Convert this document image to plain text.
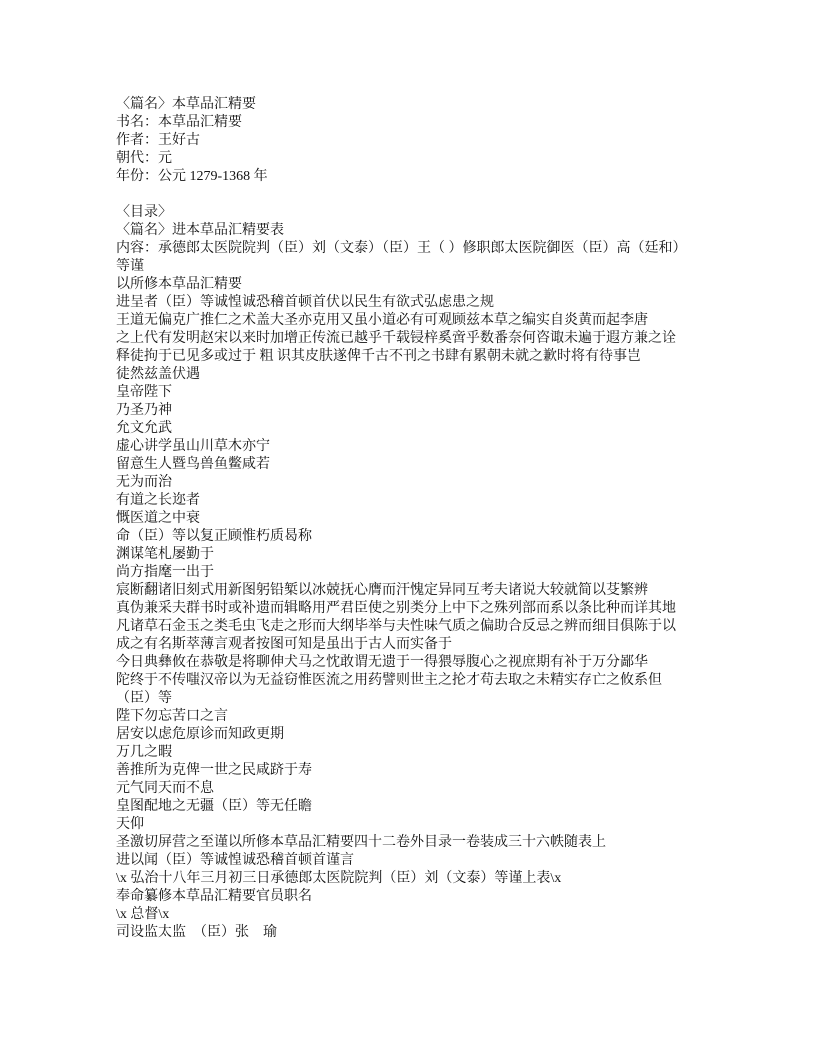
〈篇名〉本草品汇精要
书名：本草品汇精要
作者：王好古
朝代：元
年份：公元 1279-1368 年
〈目录〉
〈篇名〉进本草品汇精要表
内容：承德郎太医院院判（臣）刘（文泰）（臣）王（ ）修职郎太医院御医（臣）高（廷和）
等谨
以所修本草品汇精要
进呈者（臣）等诚惶诚恐稽首顿首伏以民生有欲式弘虑患之规
王道无偏克广推仁之术盖大圣亦克用又虽小道必有可观顾兹本草之编实自炎黄而起李唐
之上代有发明赵宋以来时加增正传流已越乎千载锓梓奚啻乎数番奈何咨诹未遍于遐方兼之诠
释徒拘于已见多或过于 粗 识其皮肤遂俾千古不刊之书肆有累朝未就之歉时将有待事岂
徒然兹盖伏遇
皇帝陛下
乃圣乃神
允文允武
虚心讲学虽山川草木亦宁
留意生人暨鸟兽鱼鳖咸若
无为而治
有道之长迩者
慨医道之中衰
命（臣）等以复正顾惟朽质曷称
渊谋笔札屡勤于
尚方指麾一出于
宸断翻诸旧刻式用新图躬铅椠以冰兢抚心膺而汗愧定异同互考夫诸说大较就简以芟繁辨
真伪兼采夫群书时或补遗而辑略用严君臣使之别类分上中下之殊列部而系以条比种而详其地
凡诸草石金玉之类毛虫飞走之形而大纲毕举与夫性味气质之偏助合反忌之辨而细目俱陈于以
成之有名斯萃薄言观者按图可知是虽出于古人而实备于
今日典彝攸在恭敬是将聊伸犬马之忱敢谓无遗于一得猥辱腹心之视庶期有补于万分鄙华
陀终于不传嗤汉帝以为无益窃惟医流之用药譬则世主之抡才苟去取之未精实存亡之攸系但
（臣）等
陛下勿忘苦口之言
居安以虑危原诊而知政更期
万几之暇
善推所为克俾一世之民咸跻于寿
元气同天而不息
皇图配地之无疆（臣）等无任瞻
天仰
圣激切屏营之至谨以所修本草品汇精要四十二卷外目录一卷装成三十六帙随表上
进以闻（臣）等诚惶诚恐稽首顿首谨言
\x 弘治十八年三月初三日承德郎太医院院判（臣）刘（文泰）等谨上表\x
奉命纂修本草品汇精要官员职名
\x 总督\x
司设监太监　（臣）张　瑜
